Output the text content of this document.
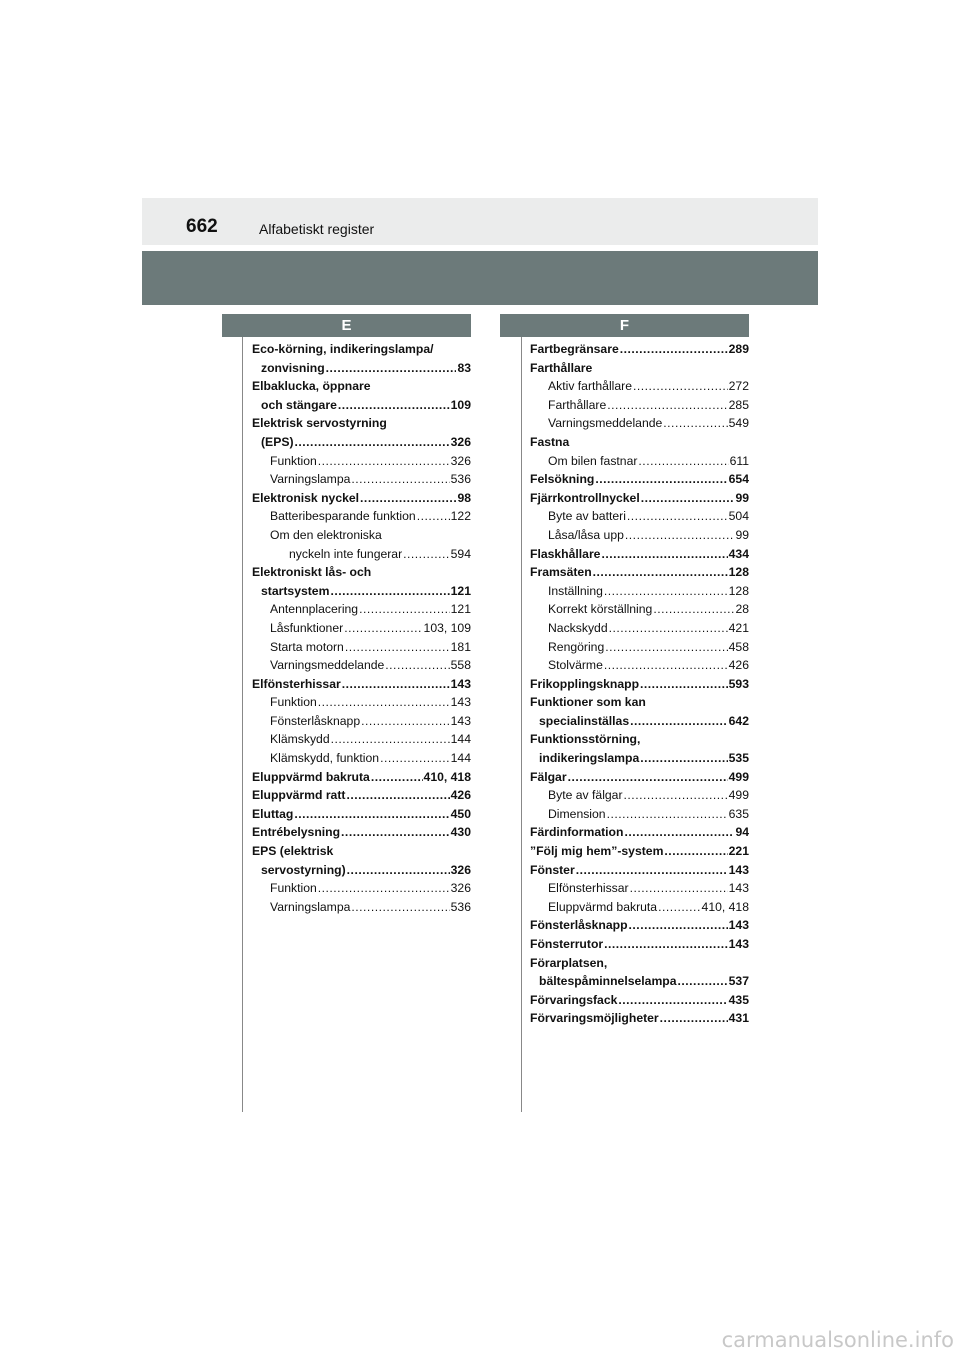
662	Alfabetiskt register
E	F
Eco-körning, indikeringslampa/
zonvisning .....	83
Elbaklucka, öppnare
och stängare .....	109
Elektrisk servostyrning
(EPS) .....	326
Funktion .....	326
Varningslampa .....	536
Elektronisk nyckel .....	98
Batteribesparande funktion .....	122
Om den elektroniska
nyckeln inte fungerar .....	594
Elektroniskt lås- och
startsystem .....	121
Antennplacering .....	121
Låsfunktioner .....	103, 109
Starta motorn .....	181
Varningsmeddelande .....	558
Elfönsterhissar .....	143
Funktion .....	143
Fönsterlåsknapp .....	143
Klämskydd .....	144
Klämskydd, funktion .....	144
Eluppvärmd bakruta .....	410, 418
Eluppvärmd ratt .....	426
Eluttag .....	450
Entrébelysning .....	430
EPS (elektrisk
servostyrning) .....	326
Funktion .....	326
Varningslampa .....	536
Fartbegränsare .....	289
Farthållare
Aktiv farthållare .....	272
Farthållare .....	285
Varningsmeddelande .....	549
Fastna
Om bilen fastnar .....	611
Felsökning .....	654
Fjärrkontrollnyckel .....	99
Byte av batteri .....	504
Låsa/låsa upp .....	99
Flaskhållare .....	434
Framsäten .....	128
Inställning .....	128
Korrekt körställning .....	28
Nackskydd .....	421
Rengöring .....	458
Stolvärme .....	426
Frikopplingsknapp .....	593
Funktioner som kan
specialinställas .....	642
Funktionsstörning,
indikeringslampa .....	535
Fälgar .....	499
Byte av fälgar .....	499
Dimension .....	635
Färdinformation .....	94
”Följ mig hem”-system .....	221
Fönster .....	143
Elfönsterhissar .....	143
Eluppvärmd bakruta .....	410, 418
Fönsterlåsknapp .....	143
Fönsterrutor .....	143
Förarplatsen,
bältespåminnelselampa .....	537
Förvaringsfack .....	435
Förvaringsmöjligheter .....	431
carmanualsonline.info
